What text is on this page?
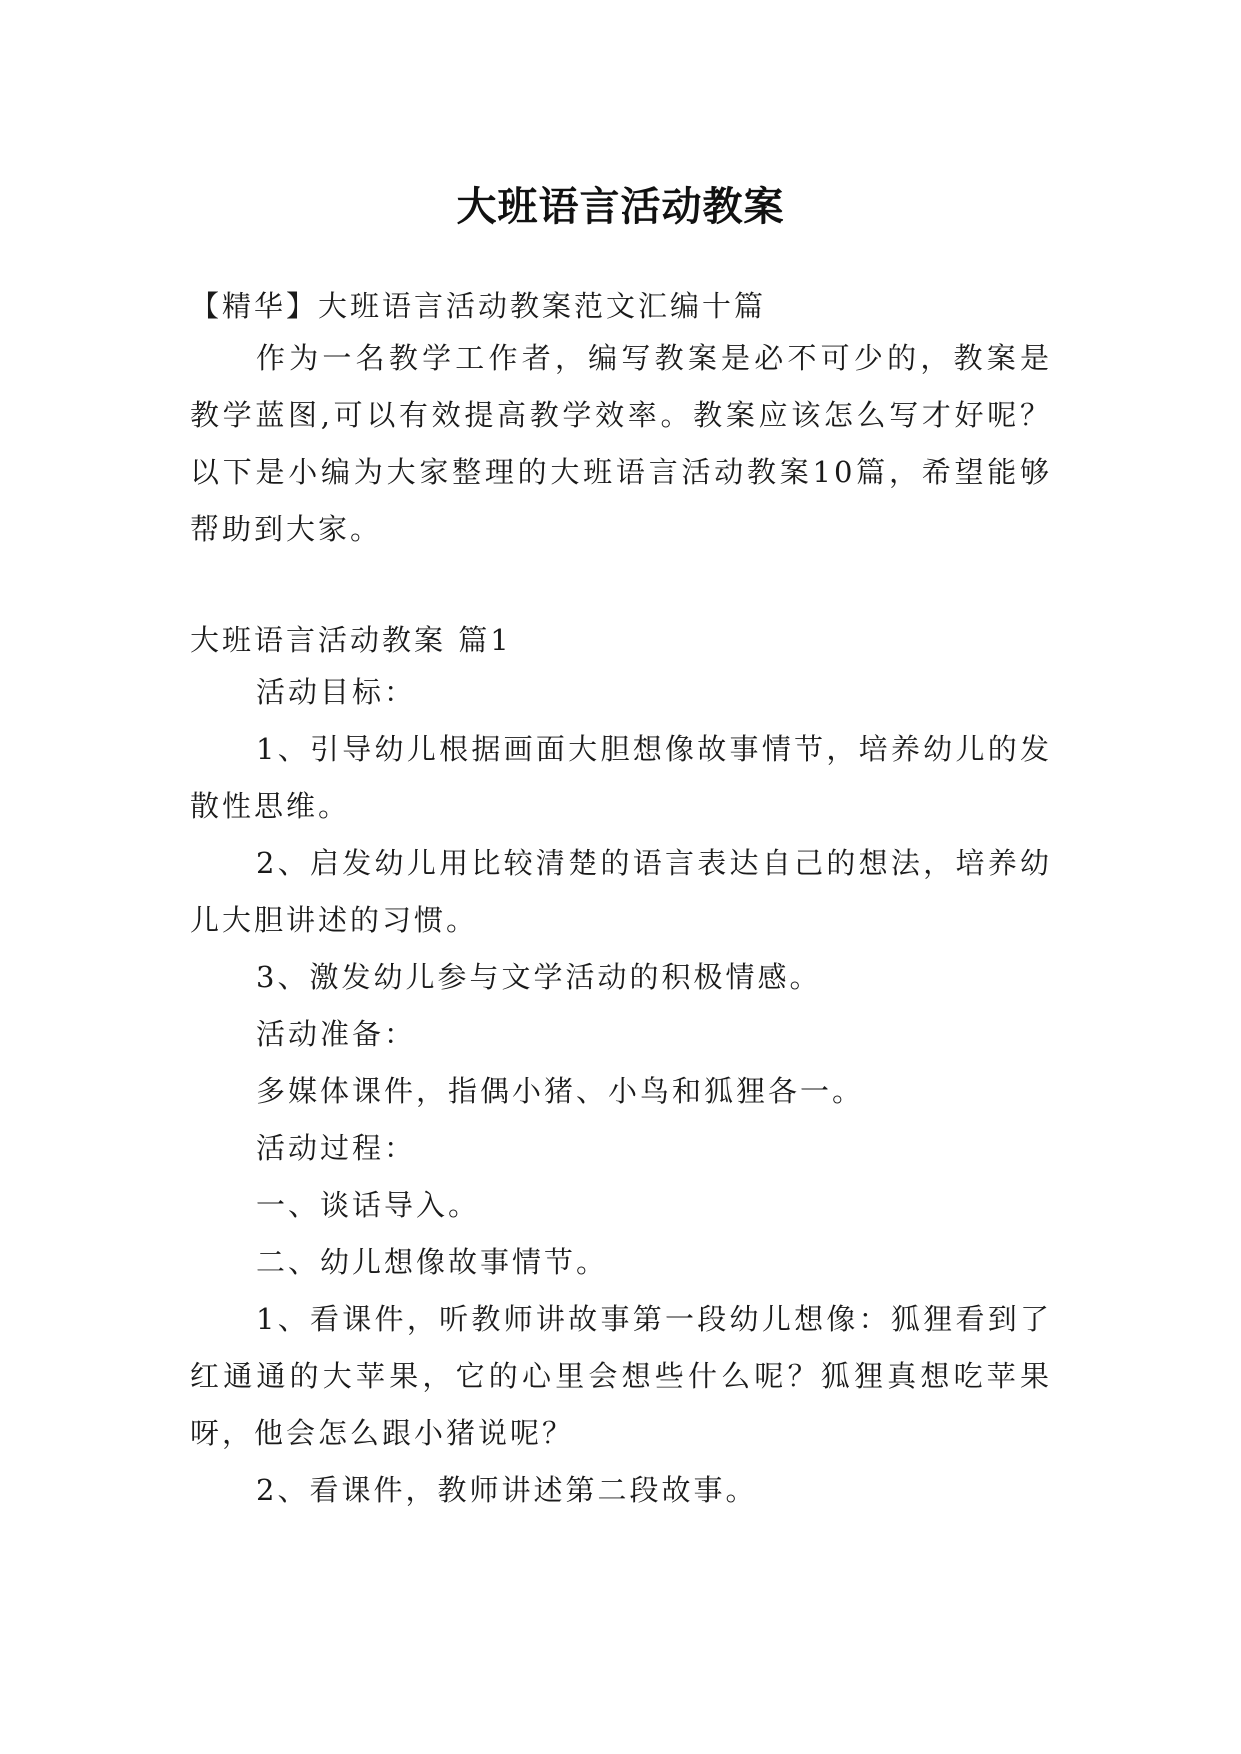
大班语言活动教案

【精华】大班语言活动教案范文汇编十篇

作为一名教学工作者，编写教案是必不可少的，教案是教学蓝图,可以有效提高教学效率。教案应该怎么写才好呢？以下是小编为大家整理的大班语言活动教案10篇，希望能够帮助到大家。

大班语言活动教案 篇1

活动目标：

1、引导幼儿根据画面大胆想像故事情节，培养幼儿的发散性思维。

2、启发幼儿用比较清楚的语言表达自己的想法，培养幼儿大胆讲述的习惯。

3、激发幼儿参与文学活动的积极情感。

活动准备：

多媒体课件，指偶小猪、小鸟和狐狸各一。

活动过程：

一、谈话导入。

二、幼儿想像故事情节。

1、看课件，听教师讲故事第一段幼儿想像：狐狸看到了红通通的大苹果，它的心里会想些什么呢？狐狸真想吃苹果呀，他会怎么跟小猪说呢？

2、看课件，教师讲述第二段故事。
